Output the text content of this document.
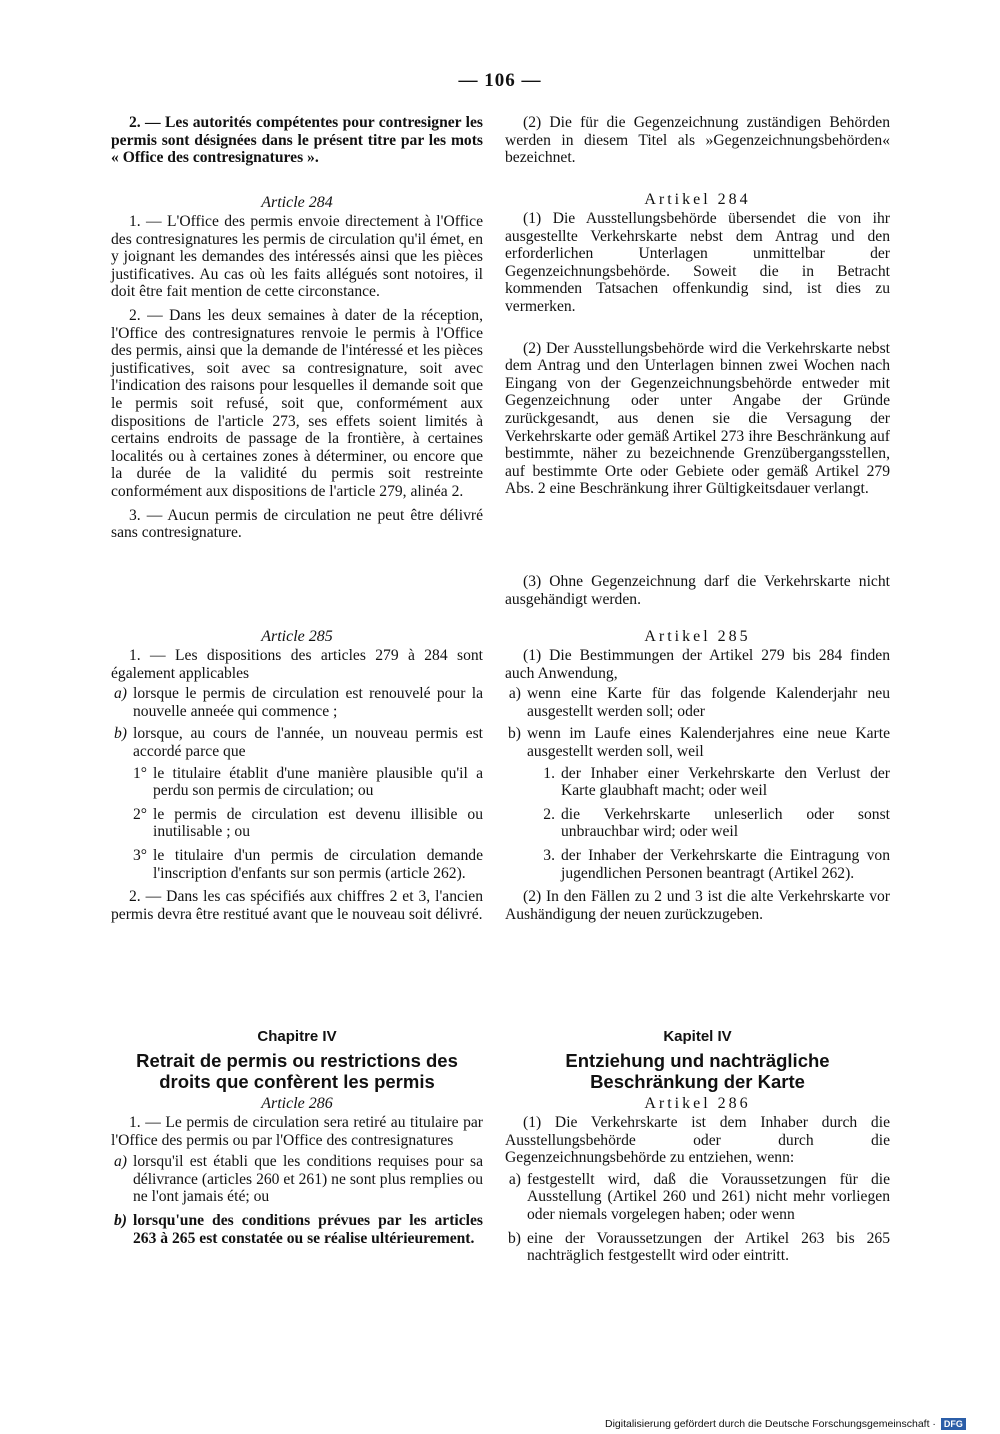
— 106 —

2. — Les autorités compétentes pour contresigner les permis sont désignées dans le présent titre par les mots « Office des contresignatures ».

Article 284

1. — L'Office des permis envoie directement à l'Office des contresignatures les permis de circulation qu'il émet, en y joignant les demandes des intéressés ainsi que les pièces justificatives. Au cas où les faits allégués sont notoires, il doit être fait mention de cette circonstance.

2. — Dans les deux semaines à dater de la réception, l'Office des contresignatures renvoie le permis à l'Office des permis, ainsi que la demande de l'intéressé et les pièces justificatives, soit avec sa contresignature, soit avec l'indication des raisons pour lesquelles il demande soit que le permis soit refusé, soit que, conformément aux dispositions de l'article 273, ses effets soient limités à certains endroits de passage de la frontière, à certaines localités ou à certaines zones à déterminer, ou encore que la durée de la validité du permis soit restreinte conformément aux dispositions de l'article 279, alinéa 2.

3. — Aucun permis de circulation ne peut être délivré sans contresignature.

Article 285

1. — Les dispositions des articles 279 à 284 sont également applicables

a) lorsque le permis de circulation est renouvelé pour la nouvelle anneée qui commence ;
b) lorsque, au cours de l'année, un nouveau permis est accordé parce que
1° le titulaire établit d'une manière plausible qu'il a perdu son permis de circulation; ou
2° le permis de circulation est devenu illisible ou inutilisable ; ou
3° le titulaire d'un permis de circulation demande l'inscription d'enfants sur son permis (article 262).

2. — Dans les cas spécifiés aux chiffres 2 et 3, l'ancien permis devra être restitué avant que le nouveau soit délivré.

Chapitre IV
Retrait de permis ou restrictions des droits que confèrent les permis
Article 286

1. — Le permis de circulation sera retiré au titulaire par l'Office des permis ou par l'Office des contresignatures

a) lorsqu'il est établi que les conditions requises pour sa délivrance (articles 260 et 261) ne sont plus remplies ou ne l'ont jamais été; ou
b) lorsqu'une des conditions prévues par les articles 263 à 265 est constatée ou se réalise ultérieurement.

(2) Die für die Gegenzeichnung zuständigen Behörden werden in diesem Titel als »Gegenzeichnungsbehörden« bezeichnet.

Artikel 284

(1) Die Ausstellungsbehörde übersendet die von ihr ausgestellte Verkehrskarte nebst dem Antrag und den erforderlichen Unterlagen unmittelbar der Gegenzeichnungsbehörde. Soweit die in Betracht kommenden Tatsachen offenkundig sind, ist dies zu vermerken.

(2) Der Ausstellungsbehörde wird die Verkehrskarte nebst dem Antrag und den Unterlagen binnen zwei Wochen nach Eingang von der Gegenzeichnungsbehörde entweder mit Gegenzeichnung oder unter Angabe der Gründe zurückgesandt, aus denen sie die Versagung der Verkehrskarte oder gemäß Artikel 273 ihre Beschränkung auf bestimmte, näher zu bezeichnende Grenzübergangsstellen, auf bestimmte Orte oder Gebiete oder gemäß Artikel 279 Abs. 2 eine Beschränkung ihrer Gültigkeitsdauer verlangt.

(3) Ohne Gegenzeichnung darf die Verkehrskarte nicht ausgehändigt werden.

Artikel 285

(1) Die Bestimmungen der Artikel 279 bis 284 finden auch Anwendung,

a) wenn eine Karte für das folgende Kalenderjahr neu ausgestellt werden soll; oder
b) wenn im Laufe eines Kalenderjahres eine neue Karte ausgestellt werden soll, weil
1. der Inhaber einer Verkehrskarte den Verlust der Karte glaubhaft macht; oder weil
2. die Verkehrskarte unleserlich oder sonst unbrauchbar wird; oder weil
3. der Inhaber der Verkehrskarte die Eintragung von jugendlichen Personen beantragt (Artikel 262).

(2) In den Fällen zu 2 und 3 ist die alte Verkehrskarte vor Aushändigung der neuen zurückzugeben.

Kapitel IV
Entziehung und nachträgliche Beschränkung der Karte
Artikel 286

(1) Die Verkehrskarte ist dem Inhaber durch die Ausstellungsbehörde oder durch die Gegenzeichnungsbehörde zu entziehen, wenn:

a) festgestellt wird, daß die Voraussetzungen für die Ausstellung (Artikel 260 und 261) nicht mehr vorliegen oder niemals vorgelegen haben; oder wenn
b) eine der Voraussetzungen der Artikel 263 bis 265 nachträglich festgestellt wird oder eintritt.
Digitalisierung gefördert durch die Deutsche Forschungsgemeinschaft · DFG
